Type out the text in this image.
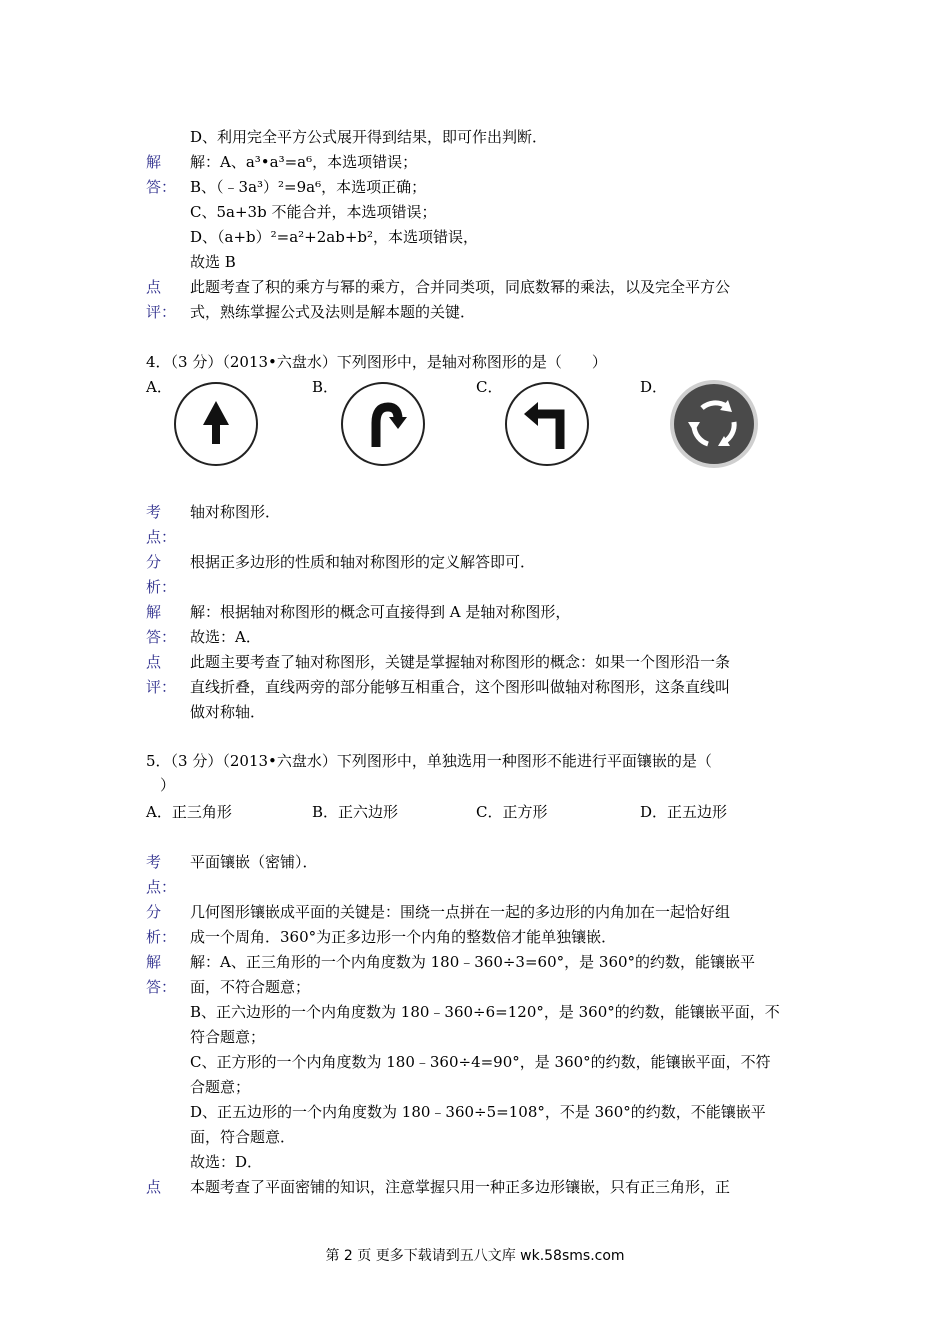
D、利用完全平方公式展开得到结果，即可作出判断．
解 解：A、a³•a³=a⁶，本选项错误；
答： B、（﹣3a³）²=9a⁶，本选项正确；
C、5a+3b 不能合并，本选项错误；
D、（a+b）²=a²+2ab+b²，本选项错误，
故选 B
点 此题考查了积的乘方与幂的乘方，合并同类项，同底数幂的乘法，以及完全平方公
评： 式，熟练掌握公式及法则是解本题的关键．
4．（3 分）（2013•六盘水）下列图形中，是轴对称图形的是（　　）
A．	B．	C．	D．
考 轴对称图形．
点：
分 根据正多边形的性质和轴对称图形的定义解答即可．
析：
解 解：根据轴对称图形的概念可直接得到 A 是轴对称图形，
答： 故选：A．
点 此题主要考查了轴对称图形，关键是掌握轴对称图形的概念：如果一个图形沿一条
评： 直线折叠，直线两旁的部分能够互相重合，这个图形叫做轴对称图形，这条直线叫
做对称轴．
5．（3 分）（2013•六盘水）下列图形中，单独选用一种图形不能进行平面镶嵌的是（
）
A．正三角形	B．正六边形	C．正方形	D．正五边形
考 平面镶嵌（密铺）．
点：
分 几何图形镶嵌成平面的关键是：围绕一点拼在一起的多边形的内角加在一起恰好组
析： 成一个周角．360°为正多边形一个内角的整数倍才能单独镶嵌．
解 解：A、正三角形的一个内角度数为 180﹣360÷3=60°，是 360°的约数，能镶嵌平
答： 面，不符合题意；
B、正六边形的一个内角度数为 180﹣360÷6=120°，是 360°的约数，能镶嵌平面，不
符合题意；
C、正方形的一个内角度数为 180﹣360÷4=90°，是 360°的约数，能镶嵌平面，不符
合题意；
D、正五边形的一个内角度数为 180﹣360÷5=108°，不是 360°的约数，不能镶嵌平
面，符合题意．
故选：D．
点 本题考查了平面密铺的知识，注意掌握只用一种正多边形镶嵌，只有正三角形，正
第 2 页 更多下载请到五八文库 wk.58sms.com
